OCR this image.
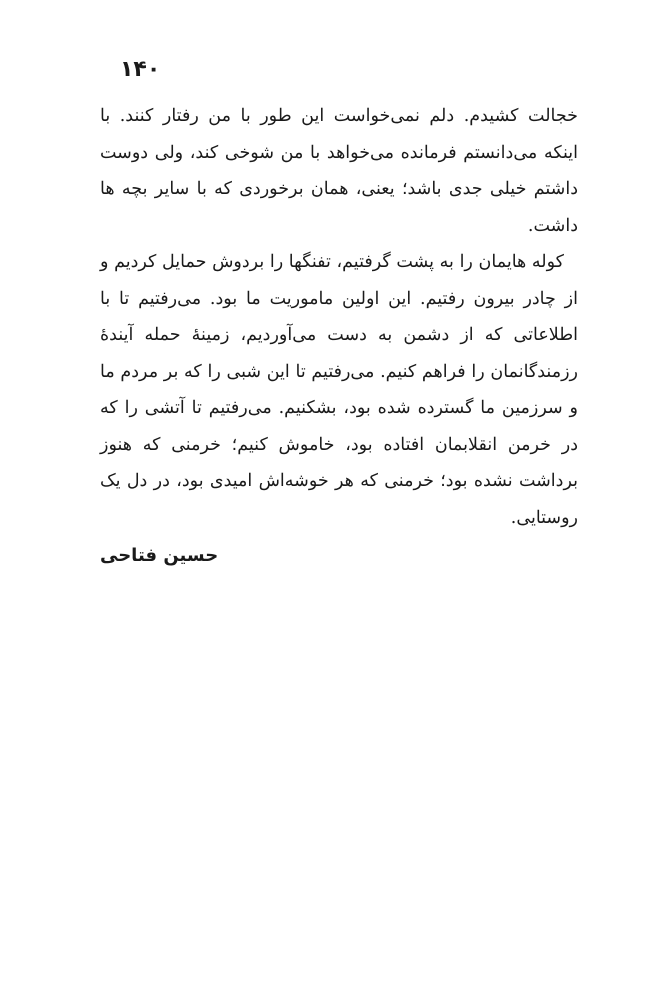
۱۴۰

خجالت کشیدم. دلم نمی‌خواست این طور با من رفتار کنند. با اینکه می‌دانستم فرمانده می‌خواهد با من شوخی کند، ولی دوست داشتم خیلی جدی باشد؛ یعنی، همان برخوردی که با سایر بچه ها داشت.

کوله هایمان را به پشت گرفتیم، تفنگها را بردوش حمایل کردیم و از چادر بیرون رفتیم. این اولین ماموریت ما بود. می‌رفتیم تا با اطلاعاتی که از دشمن به دست می‌آوردیم، زمینهٔ حمله آیندهٔ رزمندگانمان را فراهم کنیم. می‌رفتیم تا این شبی را که بر مردم ما و سرزمین ما گسترده شده بود، بشکنیم. می‌رفتیم تا آتشی را که در خرمن انقلابمان افتاده بود، خاموش کنیم؛ خرمنی که هنوز برداشت نشده بود؛ خرمنی که هر خوشه‌اش امیدی بود، در دل یک روستایی.

حسین فتاحی
